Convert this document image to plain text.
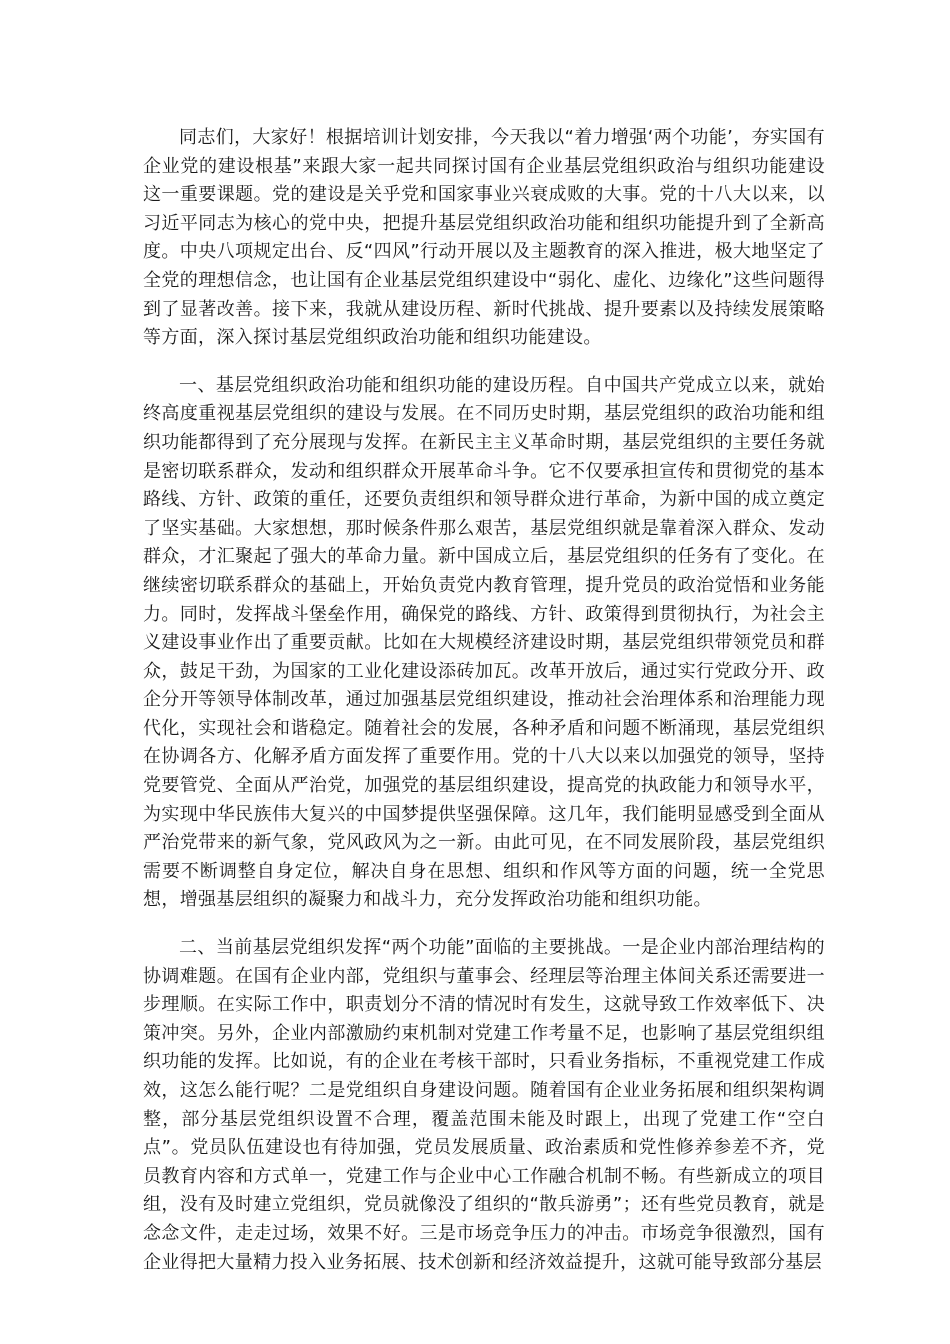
同志们，大家好！根据培训计划安排，今天我以“着力增强‘两个功能’，夯实国有企业党的建设根基”来跟大家一起共同探讨国有企业基层党组织政治与组织功能建设这一重要课题。党的建设是关乎党和国家事业兴衰成败的大事。党的十八大以来，以习近平同志为核心的党中央，把提升基层党组织政治功能和组织功能提升到了全新高度。中央八项规定出台、反“四风”行动开展以及主题教育的深入推进，极大地坚定了全党的理想信念，也让国有企业基层党组织建设中“弱化、虚化、边缘化”这些问题得到了显著改善。接下来，我就从建设历程、新时代挑战、提升要素以及持续发展策略等方面，深入探讨基层党组织政治功能和组织功能建设。

一、基层党组织政治功能和组织功能的建设历程。自中国共产党成立以来，就始终高度重视基层党组织的建设与发展。在不同历史时期，基层党组织的政治功能和组织功能都得到了充分展现与发挥。在新民主主义革命时期，基层党组织的主要任务就是密切联系群众，发动和组织群众开展革命斗争。它不仅要承担宣传和贯彻党的基本路线、方针、政策的重任，还要负责组织和领导群众进行革命，为新中国的成立奠定了坚实基础。大家想想，那时候条件那么艰苦，基层党组织就是靠着深入群众、发动群众，才汇聚起了强大的革命力量。新中国成立后，基层党组织的任务有了变化。在继续密切联系群众的基础上，开始负责党内教育管理，提升党员的政治觉悟和业务能力。同时，发挥战斗堡垒作用，确保党的路线、方针、政策得到贯彻执行，为社会主义建设事业作出了重要贡献。比如在大规模经济建设时期，基层党组织带领党员和群众，鼓足干劲，为国家的工业化建设添砖加瓦。改革开放后，通过实行党政分开、政企分开等领导体制改革，通过加强基层党组织建设，推动社会治理体系和治理能力现代化，实现社会和谐稳定。随着社会的发展，各种矛盾和问题不断涌现，基层党组织在协调各方、化解矛盾方面发挥了重要作用。党的十八大以来以加强党的领导，坚持党要管党、全面从严治党，加强党的基层组织建设，提高党的执政能力和领导水平，为实现中华民族伟大复兴的中国梦提供坚强保障。这几年，我们能明显感受到全面从严治党带来的新气象，党风政风为之一新。由此可见，在不同发展阶段，基层党组织需要不断调整自身定位，解决自身在思想、组织和作风等方面的问题，统一全党思想，增强基层组织的凝聚力和战斗力，充分发挥政治功能和组织功能。

二、当前基层党组织发挥“两个功能”面临的主要挑战。一是企业内部治理结构的协调难题。在国有企业内部，党组织与董事会、经理层等治理主体间关系还需要进一步理顺。在实际工作中，职责划分不清的情况时有发生，这就导致工作效率低下、决策冲突。另外，企业内部激励约束机制对党建工作考量不足，也影响了基层党组织组织功能的发挥。比如说，有的企业在考核干部时，只看业务指标，不重视党建工作成效，这怎么能行呢？二是党组织自身建设问题。随着国有企业业务拓展和组织架构调整，部分基层党组织设置不合理，覆盖范围未能及时跟上，出现了党建工作“空白点”。党员队伍建设也有待加强，党员发展质量、政治素质和党性修养参差不齐，党员教育内容和方式单一，党建工作与企业中心工作融合机制不畅。有些新成立的项目组，没有及时建立党组织，党员就像没了组织的“散兵游勇”；还有些党员教育，就是念念文件，走走过场，效果不好。三是市场竞争压力的冲击。市场竞争很激烈，国有企业得把大量精力投入业务拓展、技术创新和经济效益提升，这就可能导致部分基层
